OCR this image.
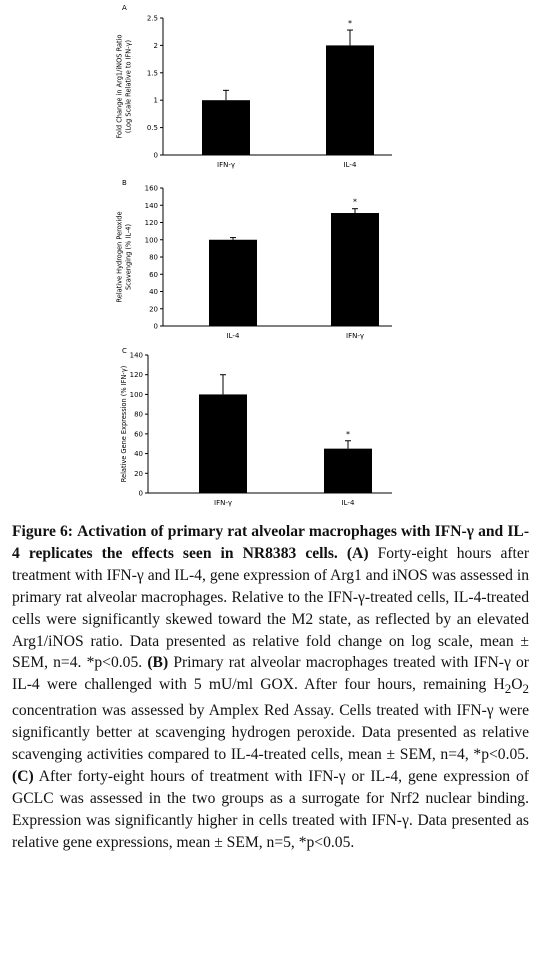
A
0
0.5
1
1.5
2
2.5
Fold Change in Arg1/iNOS Ratio (Log Scale Relative to IFN-γ)
IFN-γ
*
IL-4
B
0
20
40
60
80
100
120
140
160
Relative Hydrogen Peroxide Scavenging (% IL-4)
IL-4
*
IFN-γ
C
0
20
40
60
80
100
120
140
Relative Gene Expression (% IFN-γ)
IFN-γ
*
IL-4
Figure 6: Activation of primary rat alveolar macrophages with IFN-γ and IL-4 replicates the effects seen in NR8383 cells. (A) Forty-eight hours after treatment with IFN-γ and IL-4, gene expression of Arg1 and iNOS was assessed in primary rat alveolar macrophages. Relative to the IFN-γ-treated cells, IL-4-treated cells were significantly skewed toward the M2 state, as reflected by an elevated Arg1/iNOS ratio. Data presented as relative fold change on log scale, mean ± SEM, n=4. *p<0.05. (B) Primary rat alveolar macrophages treated with IFN-γ or IL-4 were challenged with 5 mU/ml GOX. After four hours, remaining $H_2O_2$ concentration was assessed by Amplex Red Assay. Cells treated with IFN-γ were significantly better at scavenging hydrogen peroxide. Data presented as relative scavenging activities compared to IL-4-treated cells, mean ± SEM, n=4, *p<0.05. (C) After forty-eight hours of treatment with IFN-γ or IL-4, gene expression of GCLC was assessed in the two groups as a surrogate for Nrf2 nuclear binding. Expression was significantly higher in cells treated with IFN-γ. Data presented as relative gene expressions, mean ± SEM, n=5, *p<0.05.
